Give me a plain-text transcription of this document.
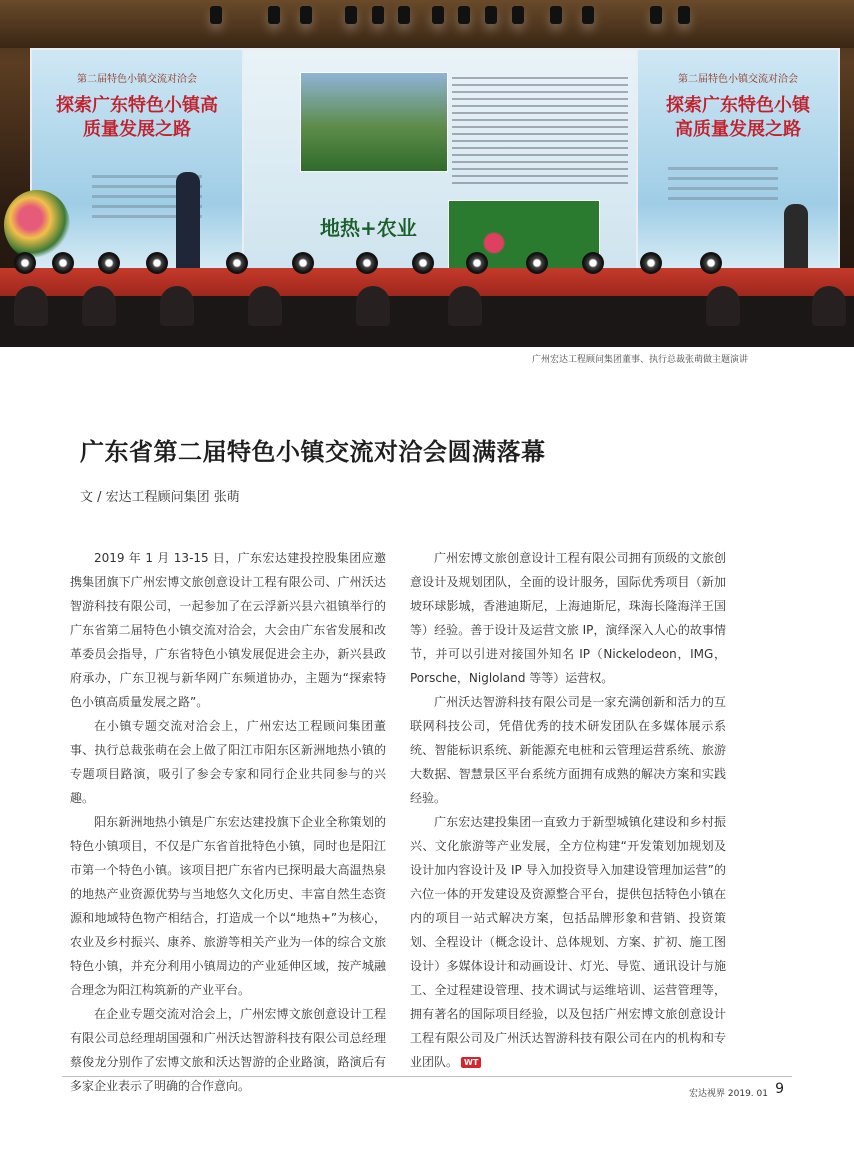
第二届特色小镇交流对洽会
探索广东特色小镇高质量发展之路
地热+农业
第二届特色小镇交流对洽会
探索广东特色小镇高质量发展之路
广州宏达工程顾问集团董事、执行总裁张萌做主题演讲
广东省第二届特色小镇交流对洽会圆满落幕
文 / 宏达工程顾问集团 张萌

2019 年 1 月 13-15 日，广东宏达建投控股集团应邀携集团旗下广州宏博文旅创意设计工程有限公司、广州沃达智游科技有限公司，一起参加了在云浮新兴县六祖镇举行的广东省第二届特色小镇交流对洽会，大会由广东省发展和改革委员会指导，广东省特色小镇发展促进会主办，新兴县政府承办，广东卫视与新华网广东频道协办，主题为“探索特色小镇高质量发展之路”。

在小镇专题交流对洽会上，广州宏达工程顾问集团董事、执行总裁张萌在会上做了阳江市阳东区新洲地热小镇的专题项目路演，吸引了参会专家和同行企业共同参与的兴趣。

阳东新洲地热小镇是广东宏达建投旗下企业全称策划的特色小镇项目，不仅是广东省首批特色小镇，同时也是阳江市第一个特色小镇。该项目把广东省内已探明最大高温热泉的地热产业资源优势与当地悠久文化历史、丰富自然生态资源和地域特色物产相结合，打造成一个以“地热+”为核心，农业及乡村振兴、康养、旅游等相关产业为一体的综合文旅特色小镇，并充分利用小镇周边的产业延伸区域，按产城融合理念为阳江构筑新的产业平台。

在企业专题交流对洽会上，广州宏博文旅创意设计工程有限公司总经理胡国强和广州沃达智游科技有限公司总经理蔡俊龙分别作了宏博文旅和沃达智游的企业路演，路演后有多家企业表示了明确的合作意向。

广州宏博文旅创意设计工程有限公司拥有顶级的文旅创意设计及规划团队，全面的设计服务，国际优秀项目（新加坡环球影城，香港迪斯尼，上海迪斯尼，珠海长隆海洋王国等）经验。善于设计及运营文旅 IP，演绎深入人心的故事情节，并可以引进对接国外知名 IP（Nickelodeon，IMG，Porsche，Nigloland 等等）运营权。

广州沃达智游科技有限公司是一家充满创新和活力的互联网科技公司，凭借优秀的技术研发团队在多媒体展示系统、智能标识系统、新能源充电桩和云管理运营系统、旅游大数据、智慧景区平台系统方面拥有成熟的解决方案和实践经验。

广东宏达建投集团一直致力于新型城镇化建设和乡村振兴、文化旅游等产业发展，全方位构建“开发策划加规划及设计加内容设计及 IP 导入加投资导入加建设管理加运营”的六位一体的开发建设及资源整合平台，提供包括特色小镇在内的项目一站式解决方案，包括品牌形象和营销、投资策划、全程设计（概念设计、总体规划、方案、扩初、施工图设计）多媒体设计和动画设计、灯光、导览、通讯设计与施工、全过程建设管理、技术调试与运维培训、运营管理等，拥有著名的国际项目经验，以及包括广州宏博文旅创意设计工程有限公司及广州沃达智游科技有限公司在内的机构和专业团队。 WT

宏达视界 2019. 01 9
